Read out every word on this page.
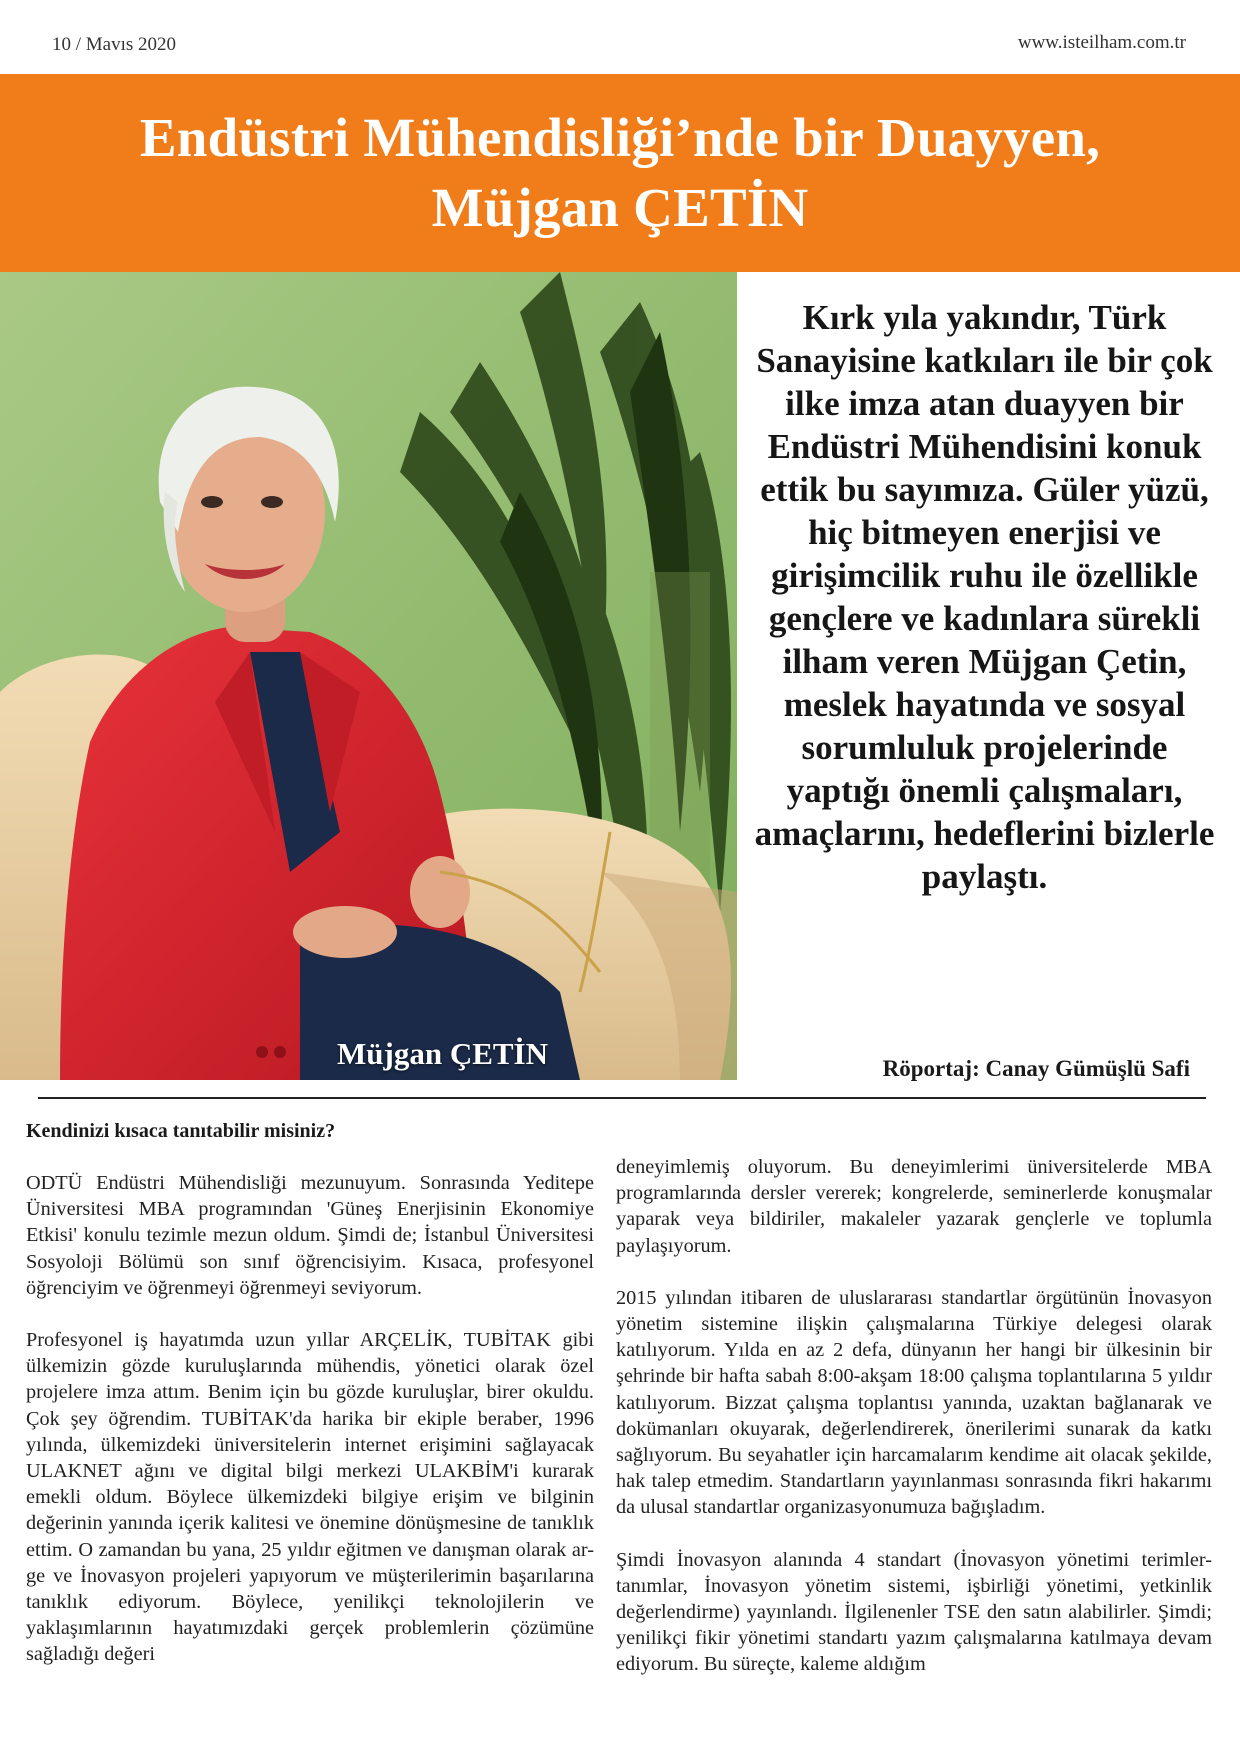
10 / Mavıs 2020	www.isteilham.com.tr
Endüstri Mühendisliği’nde bir Duayyen,
Müjgan ÇETİN
Müjgan ÇETİN
Kırk yıla yakındır, Türk Sanayisine katkıları ile bir çok ilke imza atan duayyen bir Endüstri Mühendisini konuk ettik bu sayımıza. Güler yüzü, hiç bitmeyen enerjisi ve girişimcilik ruhu ile özellikle gençlere ve kadınlara sürekli ilham veren Müjgan Çetin, meslek hayatında ve sosyal sorumluluk projelerinde yaptığı önemli çalışmaları, amaçlarını, hedeflerini bizlerle paylaştı.
Röportaj: Canay Gümüşlü Safi
Kendinizi kısaca tanıtabilir misiniz?

ODTÜ Endüstri Mühendisliği mezunuyum. Sonrasında Yeditepe Üniversitesi MBA programından 'Güneş Enerjisinin Ekonomiye Etkisi' konulu tezimle mezun oldum. Şimdi de; İstanbul Üniversitesi Sosyoloji Bölümü son sınıf öğrencisiyim. Kısaca, profesyonel öğrenciyim ve öğrenmeyi öğrenmeyi seviyorum.

Profesyonel iş hayatımda uzun yıllar ARÇELİK, TUBİTAK gibi ülkemizin gözde kuruluşlarında mühendis, yönetici olarak özel projelere imza attım. Benim için bu gözde kuruluşlar, birer okuldu. Çok şey öğrendim. TUBİTAK'da harika bir ekiple beraber, 1996 yılında, ülkemizdeki üniversitelerin internet erişimini sağlayacak ULAKNET ağını ve digital bilgi merkezi ULAKBİM'i kurarak emekli oldum. Böylece ülkemizdeki bilgiye erişim ve bilginin değerinin yanında içerik kalitesi ve önemine dönüşmesine de tanıklık ettim. O zamandan bu yana, 25 yıldır eğitmen ve danışman olarak ar-ge ve İnovasyon projeleri yapıyorum ve müşterilerimin başarılarına tanıklık ediyorum. Böylece, yenilikçi teknolojilerin ve yaklaşımlarının hayatımızdaki gerçek problemlerin çözümüne sağladığı değeri

deneyimlemiş oluyorum. Bu deneyimlerimi üniversitelerde MBA programlarında dersler vererek; kongrelerde, seminerlerde konuşmalar yaparak veya bildiriler, makaleler yazarak gençlerle ve toplumla paylaşıyorum.

2015 yılından itibaren de uluslararası standartlar örgütünün İnovasyon yönetim sistemine ilişkin çalışmalarına Türkiye delegesi olarak katılıyorum. Yılda en az 2 defa, dünyanın her hangi bir ülkesinin bir şehrinde bir hafta sabah 8:00-akşam 18:00 çalışma toplantılarına 5 yıldır katılıyorum. Bizzat çalışma toplantısı yanında, uzaktan bağlanarak ve dokümanları okuyarak, değerlendirerek, önerilerimi sunarak da katkı sağlıyorum. Bu seyahatler için harcamalarım kendime ait olacak şekilde, hak talep etmedim. Standartların yayınlanması sonrasında fikri hakarımı da ulusal standartlar organizasyonumuza bağışladım.

Şimdi İnovasyon alanında 4 standart (İnovasyon yönetimi terimler-tanımlar, İnovasyon yönetim sistemi, işbirliği yönetimi, yetkinlik değerlendirme) yayınlandı. İlgilenenler TSE den satın alabilirler. Şimdi; yenilikçi fikir yönetimi standartı yazım çalışmalarına katılmaya devam ediyorum. Bu süreçte, kaleme aldığım
